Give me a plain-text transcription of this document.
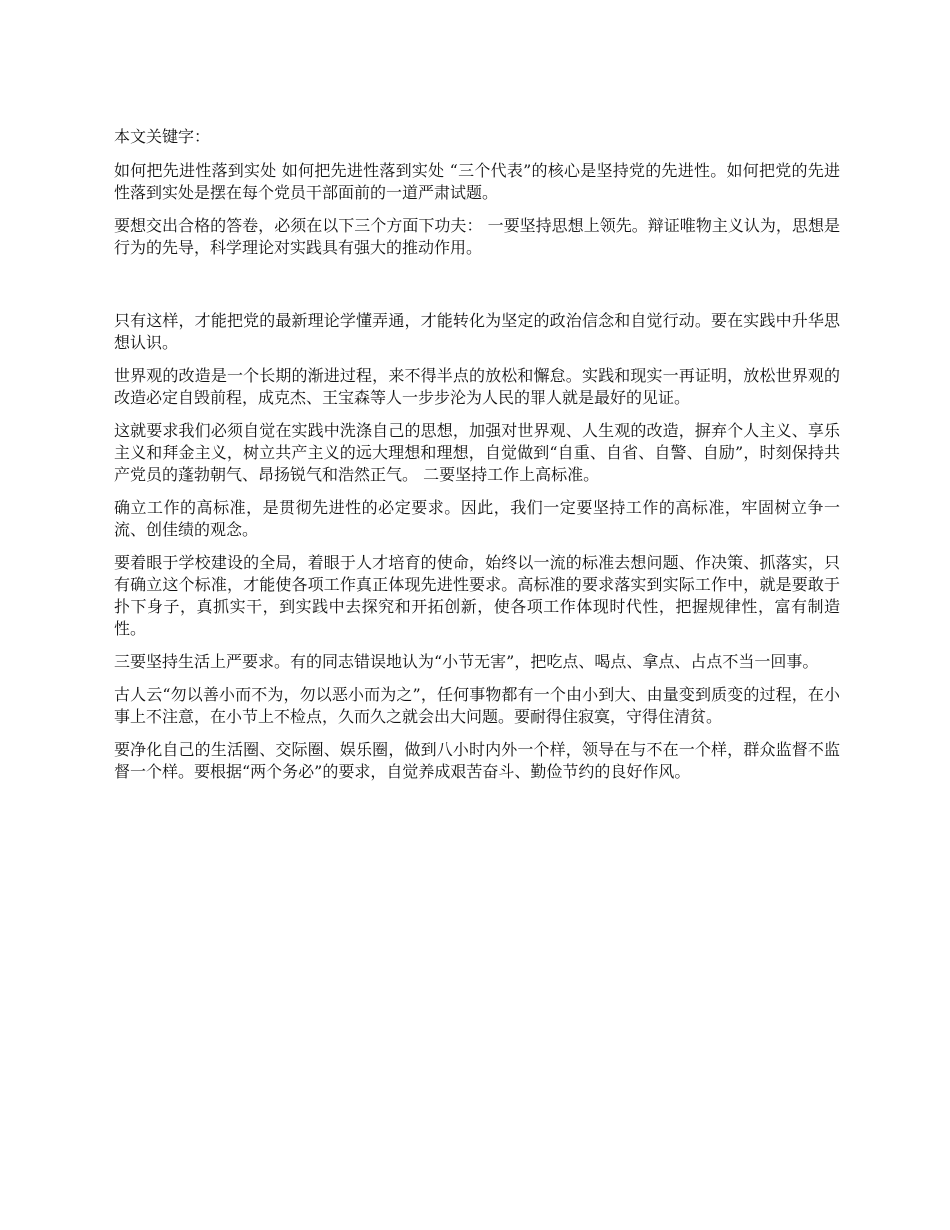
本文关键字：

如何把先进性落到实处 如何把先进性落到实处 “三个代表”的核心是坚持党的先进性。如何把党的先进性落到实处是摆在每个党员干部面前的一道严肃试题。

要想交出合格的答卷，必须在以下三个方面下功夫： 一要坚持思想上领先。辩证唯物主义认为，思想是行为的先导，科学理论对实践具有强大的推动作用。

只有这样，才能把党的最新理论学懂弄通，才能转化为坚定的政治信念和自觉行动。要在实践中升华思想认识。

世界观的改造是一个长期的渐进过程，来不得半点的放松和懈怠。实践和现实一再证明，放松世界观的改造必定自毁前程，成克杰、王宝森等人一步步沦为人民的罪人就是最好的见证。

这就要求我们必须自觉在实践中洗涤自己的思想，加强对世界观、人生观的改造，摒弃个人主义、享乐主义和拜金主义，树立共产主义的远大理想和理想，自觉做到“自重、自省、自警、自励”，时刻保持共产党员的蓬勃朝气、昂扬锐气和浩然正气。 二要坚持工作上高标准。

确立工作的高标准，是贯彻先进性的必定要求。因此，我们一定要坚持工作的高标准，牢固树立争一流、创佳绩的观念。

要着眼于学校建设的全局，着眼于人才培育的使命，始终以一流的标准去想问题、作决策、抓落实，只有确立这个标准，才能使各项工作真正体现先进性要求。高标准的要求落实到实际工作中，就是要敢于扑下身子，真抓实干，到实践中去探究和开拓创新，使各项工作体现时代性，把握规律性，富有制造性。

三要坚持生活上严要求。有的同志错误地认为“小节无害”，把吃点、喝点、拿点、占点不当一回事。

古人云“勿以善小而不为，勿以恶小而为之”，任何事物都有一个由小到大、由量变到质变的过程，在小事上不注意，在小节上不检点，久而久之就会出大问题。要耐得住寂寞，守得住清贫。

要净化自己的生活圈、交际圈、娱乐圈，做到八小时内外一个样，领导在与不在一个样，群众监督不监督一个样。要根据“两个务必”的要求，自觉养成艰苦奋斗、勤俭节约的良好作风。
